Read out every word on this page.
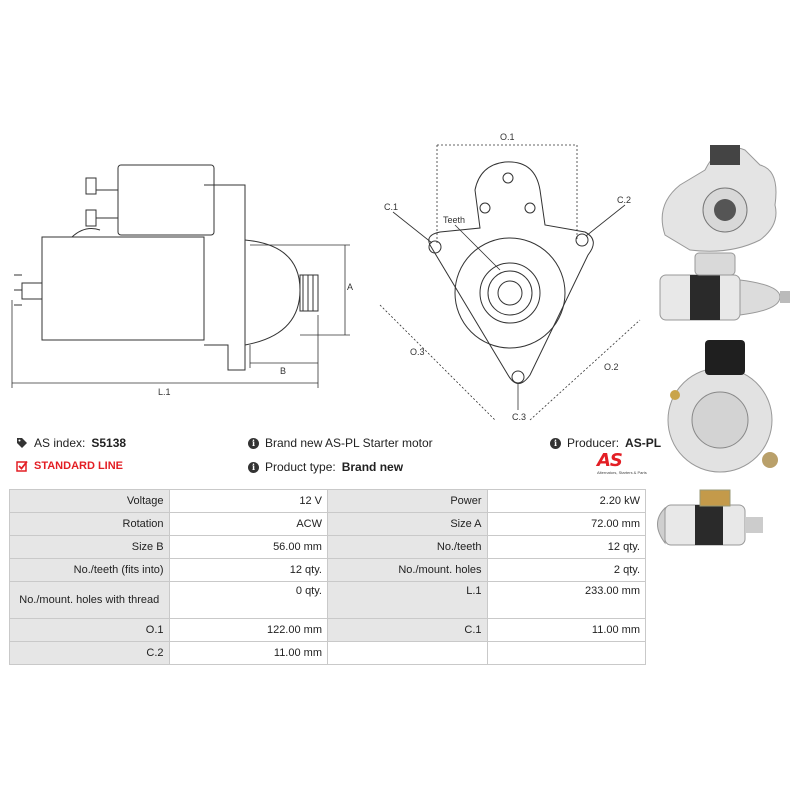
L.1
B
A
O.1
C.1
C.2
Teeth
O.3
O.2
C.3
AS index: S5138	i Brand new AS-PL Starter motor	i Producer: AS-PL
STANDARD LINE	i Product type: Brand new	AS
Alternators, Starters & Parts
Voltage	12 V	Power	2.20 kW
Rotation	ACW	Size A	72.00 mm
Size B	56.00 mm	No./teeth	12 qty.
No./teeth (fits into)	12 qty.	No./mount. holes	2 qty.
No./mount. holes with thread	0 qty.	L.1	233.00 mm
O.1	122.00 mm	C.1	11.00 mm
C.2	11.00 mm		
